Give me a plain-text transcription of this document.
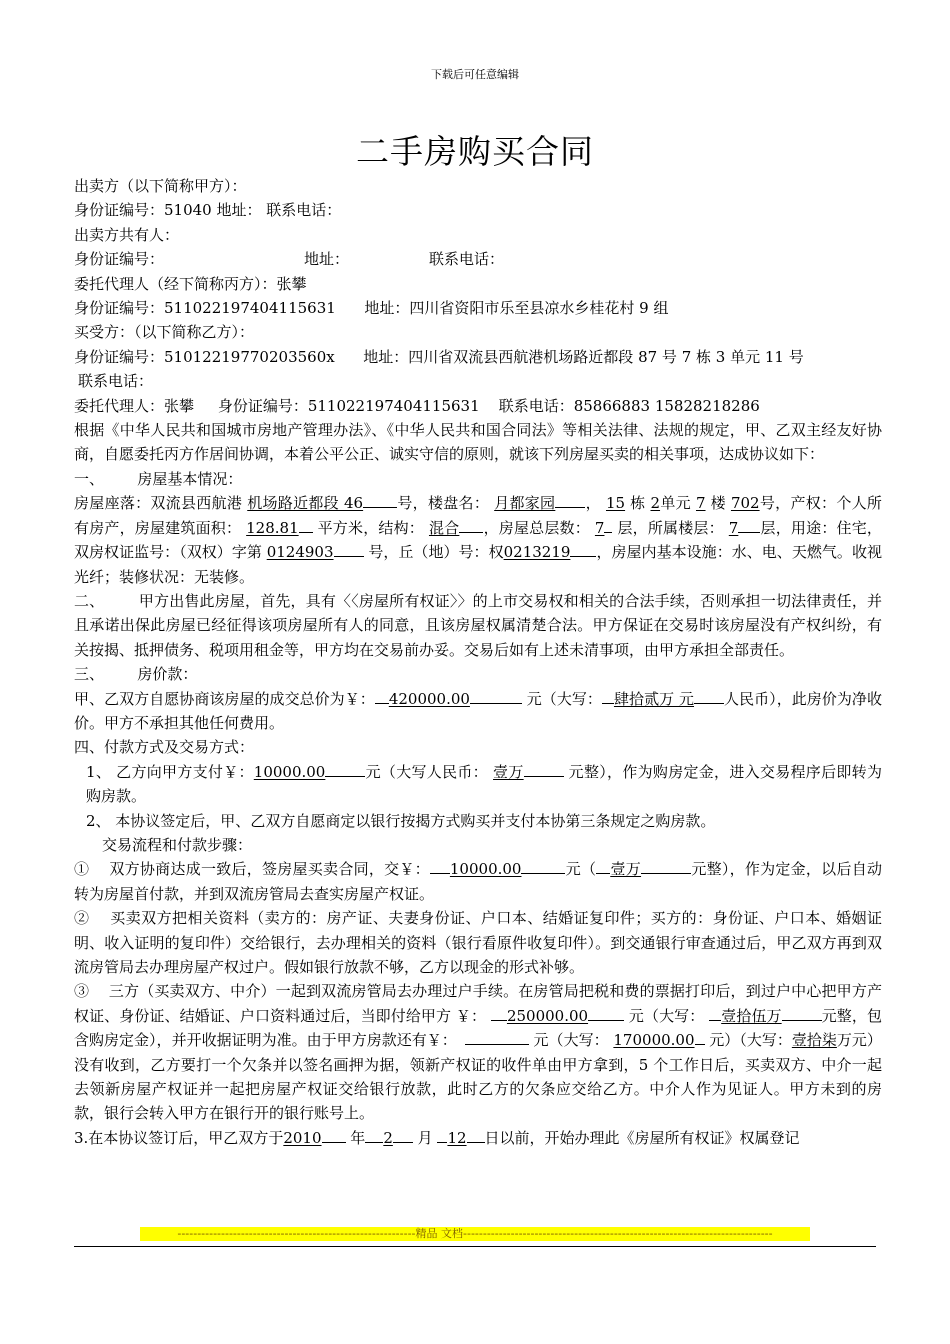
下载后可任意编辑
二手房购买合同

出卖方（以下简称甲方）：

身份证编号：51040 地址： 联系电话：

出卖方共有人：

身份证编号：	地址：	联系电话：

委托代理人（经下简称丙方）：张攀

身份证编号：511022197404115631      地址：四川省资阳市乐至县凉水乡桂花村 9 组

买受方：（以下简称乙方）：

身份证编号：51012219770203560x      地址：四川省双流县西航港机场路近都段 87 号 7 栋 3 单元 11 号

联系电话：

委托代理人：张攀     身份证编号：511022197404115631    联系电话：85866883 15828218286

根据《中华人民共和国城市房地产管理办法》、《中华人民共和国合同法》等相关法律、法规的规定，甲、乙双主经友好协商，自愿委托丙方作居间协调，本着公平公正、诚实守信的原则，就该下列房屋买卖的相关事项，达成协议如下：

一、       房屋基本情况：

房屋座落：双流县西航港 机场路近都段 46 号，楼盘名： 月都家园 ， 15 栋 2单元 7 楼 702号，产权：个人所有房产，房屋建筑面积： 128.81 平方米，结构： 混合 ，房屋总层数： 7 层，所属楼层： 7 层，用途：住宅，双房权证监号：（双权）字第 0124903 号，丘（地）号：权0213219 ，房屋内基本设施：水、电、天燃气。收视光纤；装修状况：无装修。

二、       甲方出售此房屋，首先，具有〈〈房屋所有权证〉〉的上市交易权和相关的合法手续，否则承担一切法律责任，并且承诺出保此房屋已经征得该项房屋所有人的同意，且该房屋权属清楚合法。甲方保证在交易时该房屋没有产权纠纷，有关按揭、抵押债务、税项用租金等，甲方均在交易前办妥。交易后如有上述未清事项，由甲方承担全部责任。

三、       房价款：

甲、乙双方自愿协商该房屋的成交总价为￥： 420000.00	元（大写： 肆拾贰万 元 人民币），此房价为净收价。甲方不承担其他任何费用。

四、付款方式及交易方式：

1、 乙方向甲方支付￥：10000.00	元（大写人民币： 壹万	元整），作为购房定金，进入交易程序后即转为购房款。

2、 本协议签定后，甲、乙双方自愿商定以银行按揭方式购买并支付本协第三条规定之购房款。

交易流程和付款步骤：

①    双方协商达成一致后，签房屋买卖合同，交￥： 10000.00	元（ 壹万	元整），作为定金，以后自动转为房屋首付款，并到双流房管局去查实房屋产权证。

②    买卖双方把相关资料（卖方的：房产证、夫妻身份证、户口本、结婚证复印件；买方的：身份证、户口本、婚姻证明、收入证明的复印件）交给银行，去办理相关的资料（银行看原件收复印件）。到交通银行审查通过后，甲乙双方再到双流房管局去办理房屋产权过户。假如银行放款不够，乙方以现金的形式补够。

③    三方（买卖双方、中介）一起到双流房管局去办理过户手续。在房管局把税和费的票据打印后，到过户中心把甲方产权证、身份证、结婚证、户口资料通过后，当即付给甲方 ￥： 250000.00	元（大写： 壹拾伍万	元整，包含购房定金），并开收据证明为准。由于甲方房款还有￥：	元（大写： 170000.00 元）（大写：壹拾柒万元）没有收到，乙方要打一个欠条并以签名画押为据，领新产权证的收件单由甲方拿到，5 个工作日后，买卖双方、中介一起去领新房屋产权证并一起把房屋产权证交给银行放款，此时乙方的欠条应交给乙方。中介人作为见证人。甲方未到的房款，银行会转入甲方在银行开的银行账号上。

3.在本协议签订后，甲乙双方于2010 年 2 月 12 日以前，开始办理此《房屋所有权证》权属登记

------------------------------------------------------------精品 文档------------------------------------------------------------------------------
